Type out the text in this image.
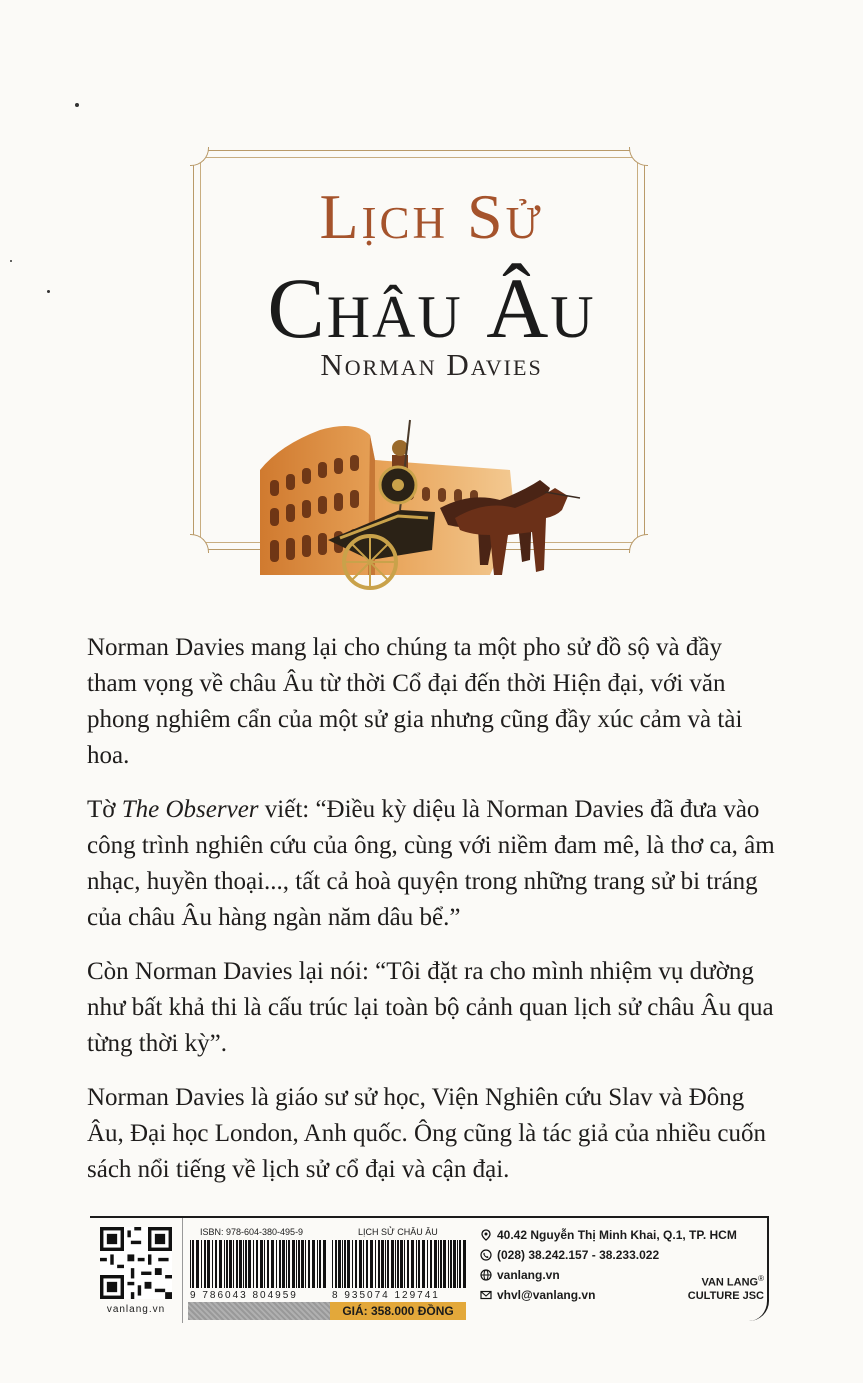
Lịch Sử
Châu Âu
Norman Davies

Norman Davies mang lại cho chúng ta một pho sử đồ sộ và đầy tham vọng về châu Âu từ thời Cổ đại đến thời Hiện đại, với văn phong nghiêm cẩn của một sử gia nhưng cũng đầy xúc cảm và tài hoa.

Tờ The Observer viết: “Điều kỳ diệu là Norman Davies đã đưa vào công trình nghiên cứu của ông, cùng với niềm đam mê, là thơ ca, âm nhạc, huyền thoại..., tất cả hoà quyện trong những trang sử bi tráng của châu Âu hàng ngàn năm dâu bể.”

Còn Norman Davies lại nói: “Tôi đặt ra cho mình nhiệm vụ dường như bất khả thi là cấu trúc lại toàn bộ cảnh quan lịch sử châu Âu qua từng thời kỳ”.

Norman Davies là giáo sư sử học, Viện Nghiên cứu Slav và Đông Âu, Đại học London, Anh quốc. Ông cũng là tác giả của nhiều cuốn sách nổi tiếng về lịch sử cổ đại và cận đại.

vanlang.vn
ISBN: 978-604-380-495-9	LỊCH SỬ CHÂU ÂU
9 786043 804959	8 935074 129741
GIÁ: 358.000 ĐỒNG
40.42 Nguyễn Thị Minh Khai, Q.1, TP. HCM
(028) 38.242.157 - 38.233.022
vanlang.vn
vhvl@vanlang.vn
VAN LANG®
CULTURE JSC
